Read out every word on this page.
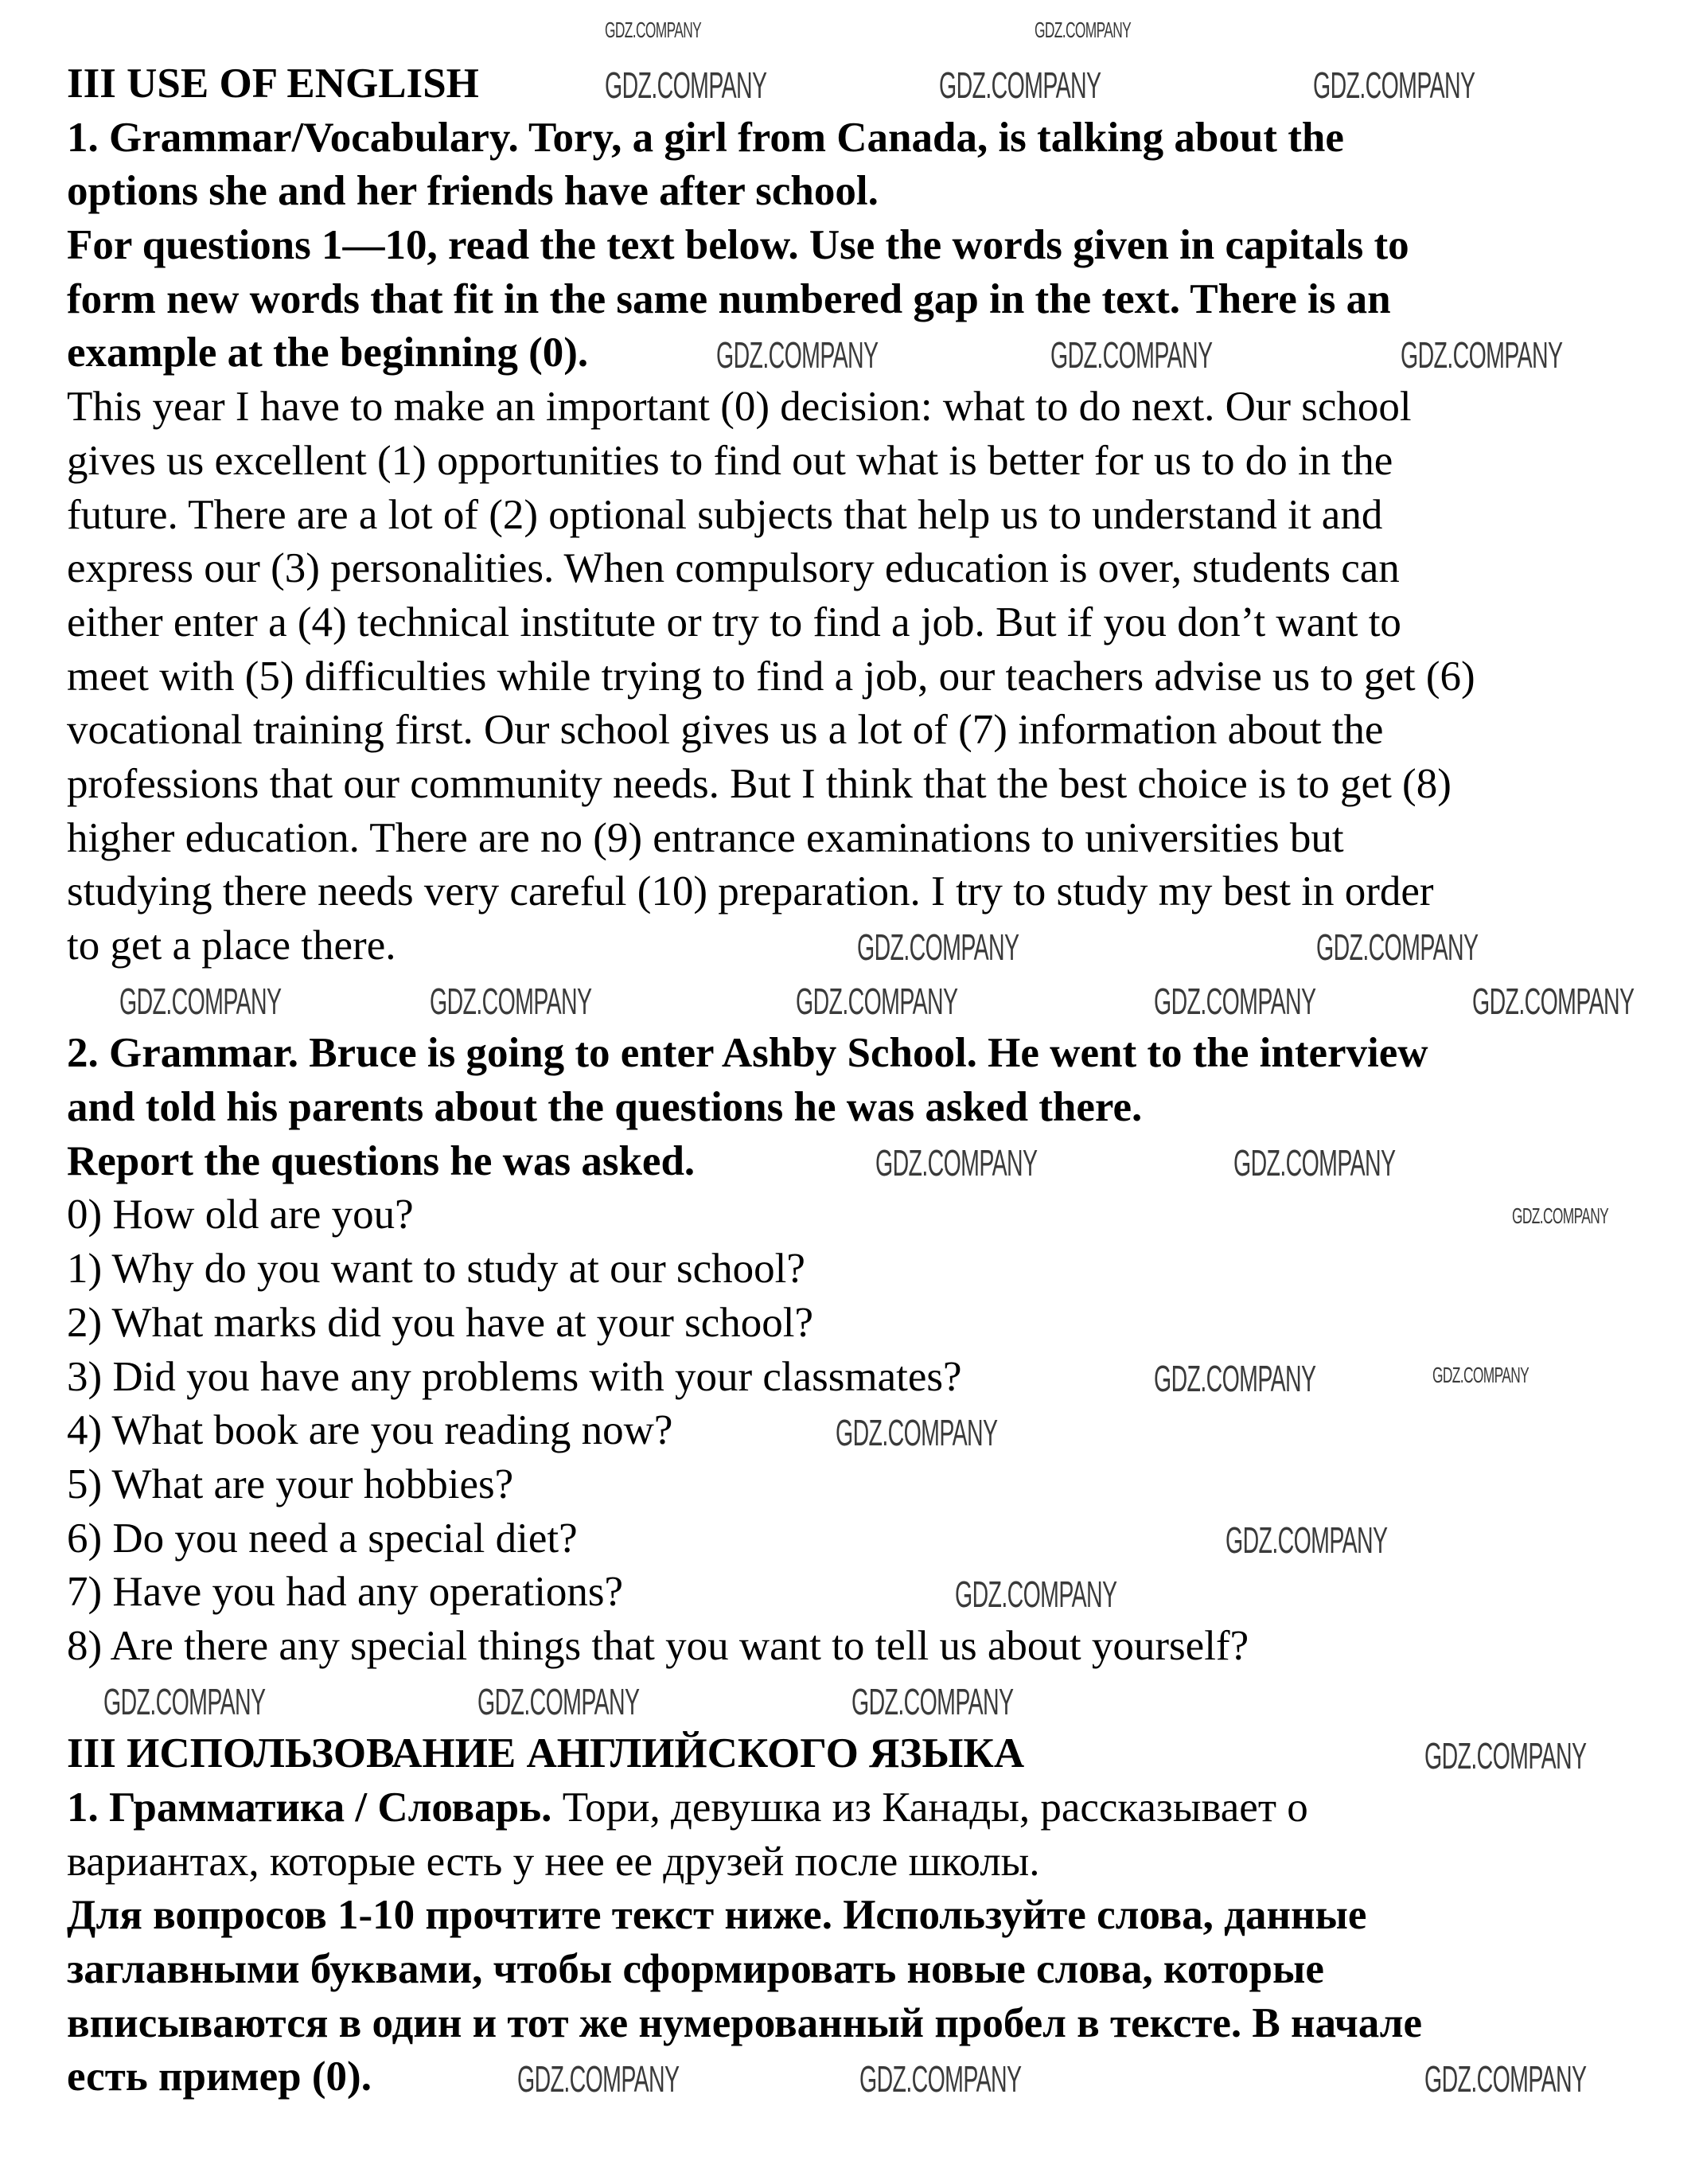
III USE OF ENGLISH
1. Grammar/Vocabulary. Tory, a girl from Canada, is talking about the
options she and her friends have after school.
For questions 1—10, read the text below. Use the words given in capitals to
form new words that fit in the same numbered gap in the text. There is an
example at the beginning (0).
This year I have to make an important (0) decision: what to do next. Our school
gives us excellent (1) opportunities to find out what is better for us to do in the
future. There are a lot of (2) optional subjects that help us to understand it and
express our (3) personalities. When compulsory education is over, students can
either enter a (4) technical institute or try to find a job. But if you don’t want to
meet with (5) difficulties while trying to find a job, our teachers advise us to get (6)
vocational training first. Our school gives us a lot of (7) information about the
professions that our community needs. But I think that the best choice is to get (8)
higher education. There are no (9) entrance examinations to universities but
studying there needs very careful (10) preparation. I try to study my best in order
to get a place there.
2. Grammar. Bruce is going to enter Ashby School. He went to the interview
and told his parents about the questions he was asked there.
Report the questions he was asked.
0) How old are you?
1) Why do you want to study at our school?
2) What marks did you have at your school?
3) Did you have any problems with your classmates?
4) What book are you reading now?
5) What are your hobbies?
6) Do you need a special diet?
7) Have you had any operations?
8) Are there any special things that you want to tell us about yourself?
III ИСПОЛЬЗОВАНИЕ АНГЛИЙСКОГО ЯЗЫКА
1. Грамматика / Словарь. Тори, девушка из Канады, рассказывает о
вариантах, которые есть у нее ее друзей после школы.
Для вопросов 1-10 прочтите текст ниже. Используйте слова, данные
заглавными буквами, чтобы сформировать новые слова, которые
вписываются в один и тот же нумерованный пробел в тексте. В начале
есть пример (0).
GDZ.COMPANY	GDZ.COMPANY
GDZ.COMPANY	GDZ.COMPANY	GDZ.COMPANY
GDZ.COMPANY	GDZ.COMPANY	GDZ.COMPANY
GDZ.COMPANY	GDZ.COMPANY
GDZ.COMPANY	GDZ.COMPANY	GDZ.COMPANY	GDZ.COMPANY	GDZ.COMPANY
GDZ.COMPANY	GDZ.COMPANY
GDZ.COMPANY
GDZ.COMPANY	GDZ.COMPANY
GDZ.COMPANY
GDZ.COMPANY
GDZ.COMPANY
GDZ.COMPANY	GDZ.COMPANY	GDZ.COMPANY
GDZ.COMPANY
GDZ.COMPANY	GDZ.COMPANY	GDZ.COMPANY
